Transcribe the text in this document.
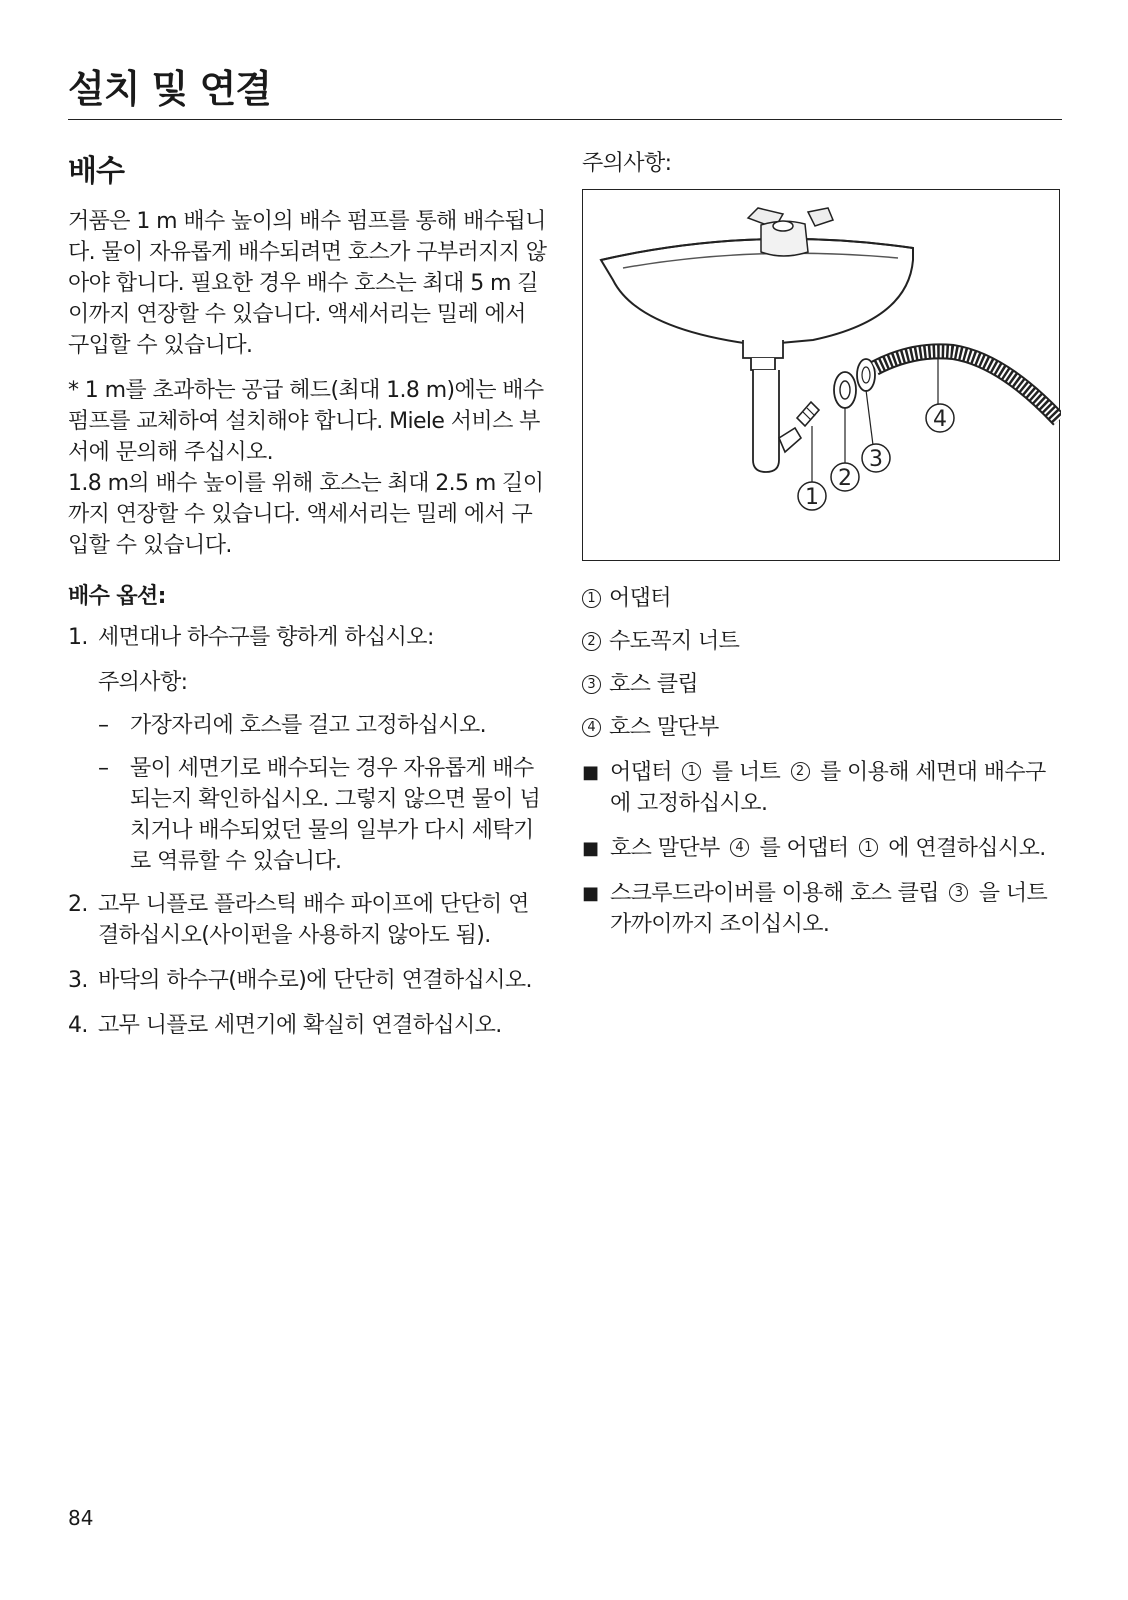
설치 및 연결
배수

거품은 1 m 배수 높이의 배수 펌프를 통해 배수됩니다. 물이 자유롭게 배수되려면 호스가 구부러지지 않아야 합니다. 필요한 경우 배수 호스는 최대 5 m 길이까지 연장할 수 있습니다. 액세서리는 밀레 에서 구입할 수 있습니다.

* 1 m를 초과하는 공급 헤드(최대 1.8 m)에는 배수 펌프를 교체하여 설치해야 합니다. Miele 서비스 부서에 문의해 주십시오.

1.8 m의 배수 높이를 위해 호스는 최대 2.5 m 길이까지 연장할 수 있습니다. 액세서리는 밀레 에서 구입할 수 있습니다.

배수 옵션:
1. 세면대나 하수구를 향하게 하십시오:
주의사항:
– 가장자리에 호스를 걸고 고정하십시오.
– 물이 세면기로 배수되는 경우 자유롭게 배수되는지 확인하십시오. 그렇지 않으면 물이 넘치거나 배수되었던 물의 일부가 다시 세탁기로 역류할 수 있습니다.
2. 고무 니플로 플라스틱 배수 파이프에 단단히 연결하십시오(사이펀을 사용하지 않아도 됨).
3. 바닥의 하수구(배수로)에 단단히 연결하십시오.
4. 고무 니플로 세면기에 확실히 연결하십시오.
주의사항:
1
2
3
4
1 어댑터
2 수도꼭지 너트
3 호스 클립
4 호스 말단부
■ 어댑터 1 를 너트 2 를 이용해 세면대 배수구에 고정하십시오.
■ 호스 말단부 4 를 어댑터 1 에 연결하십시오.
■ 스크루드라이버를 이용해 호스 클립 3 을 너트 가까이까지 조이십시오.
84
